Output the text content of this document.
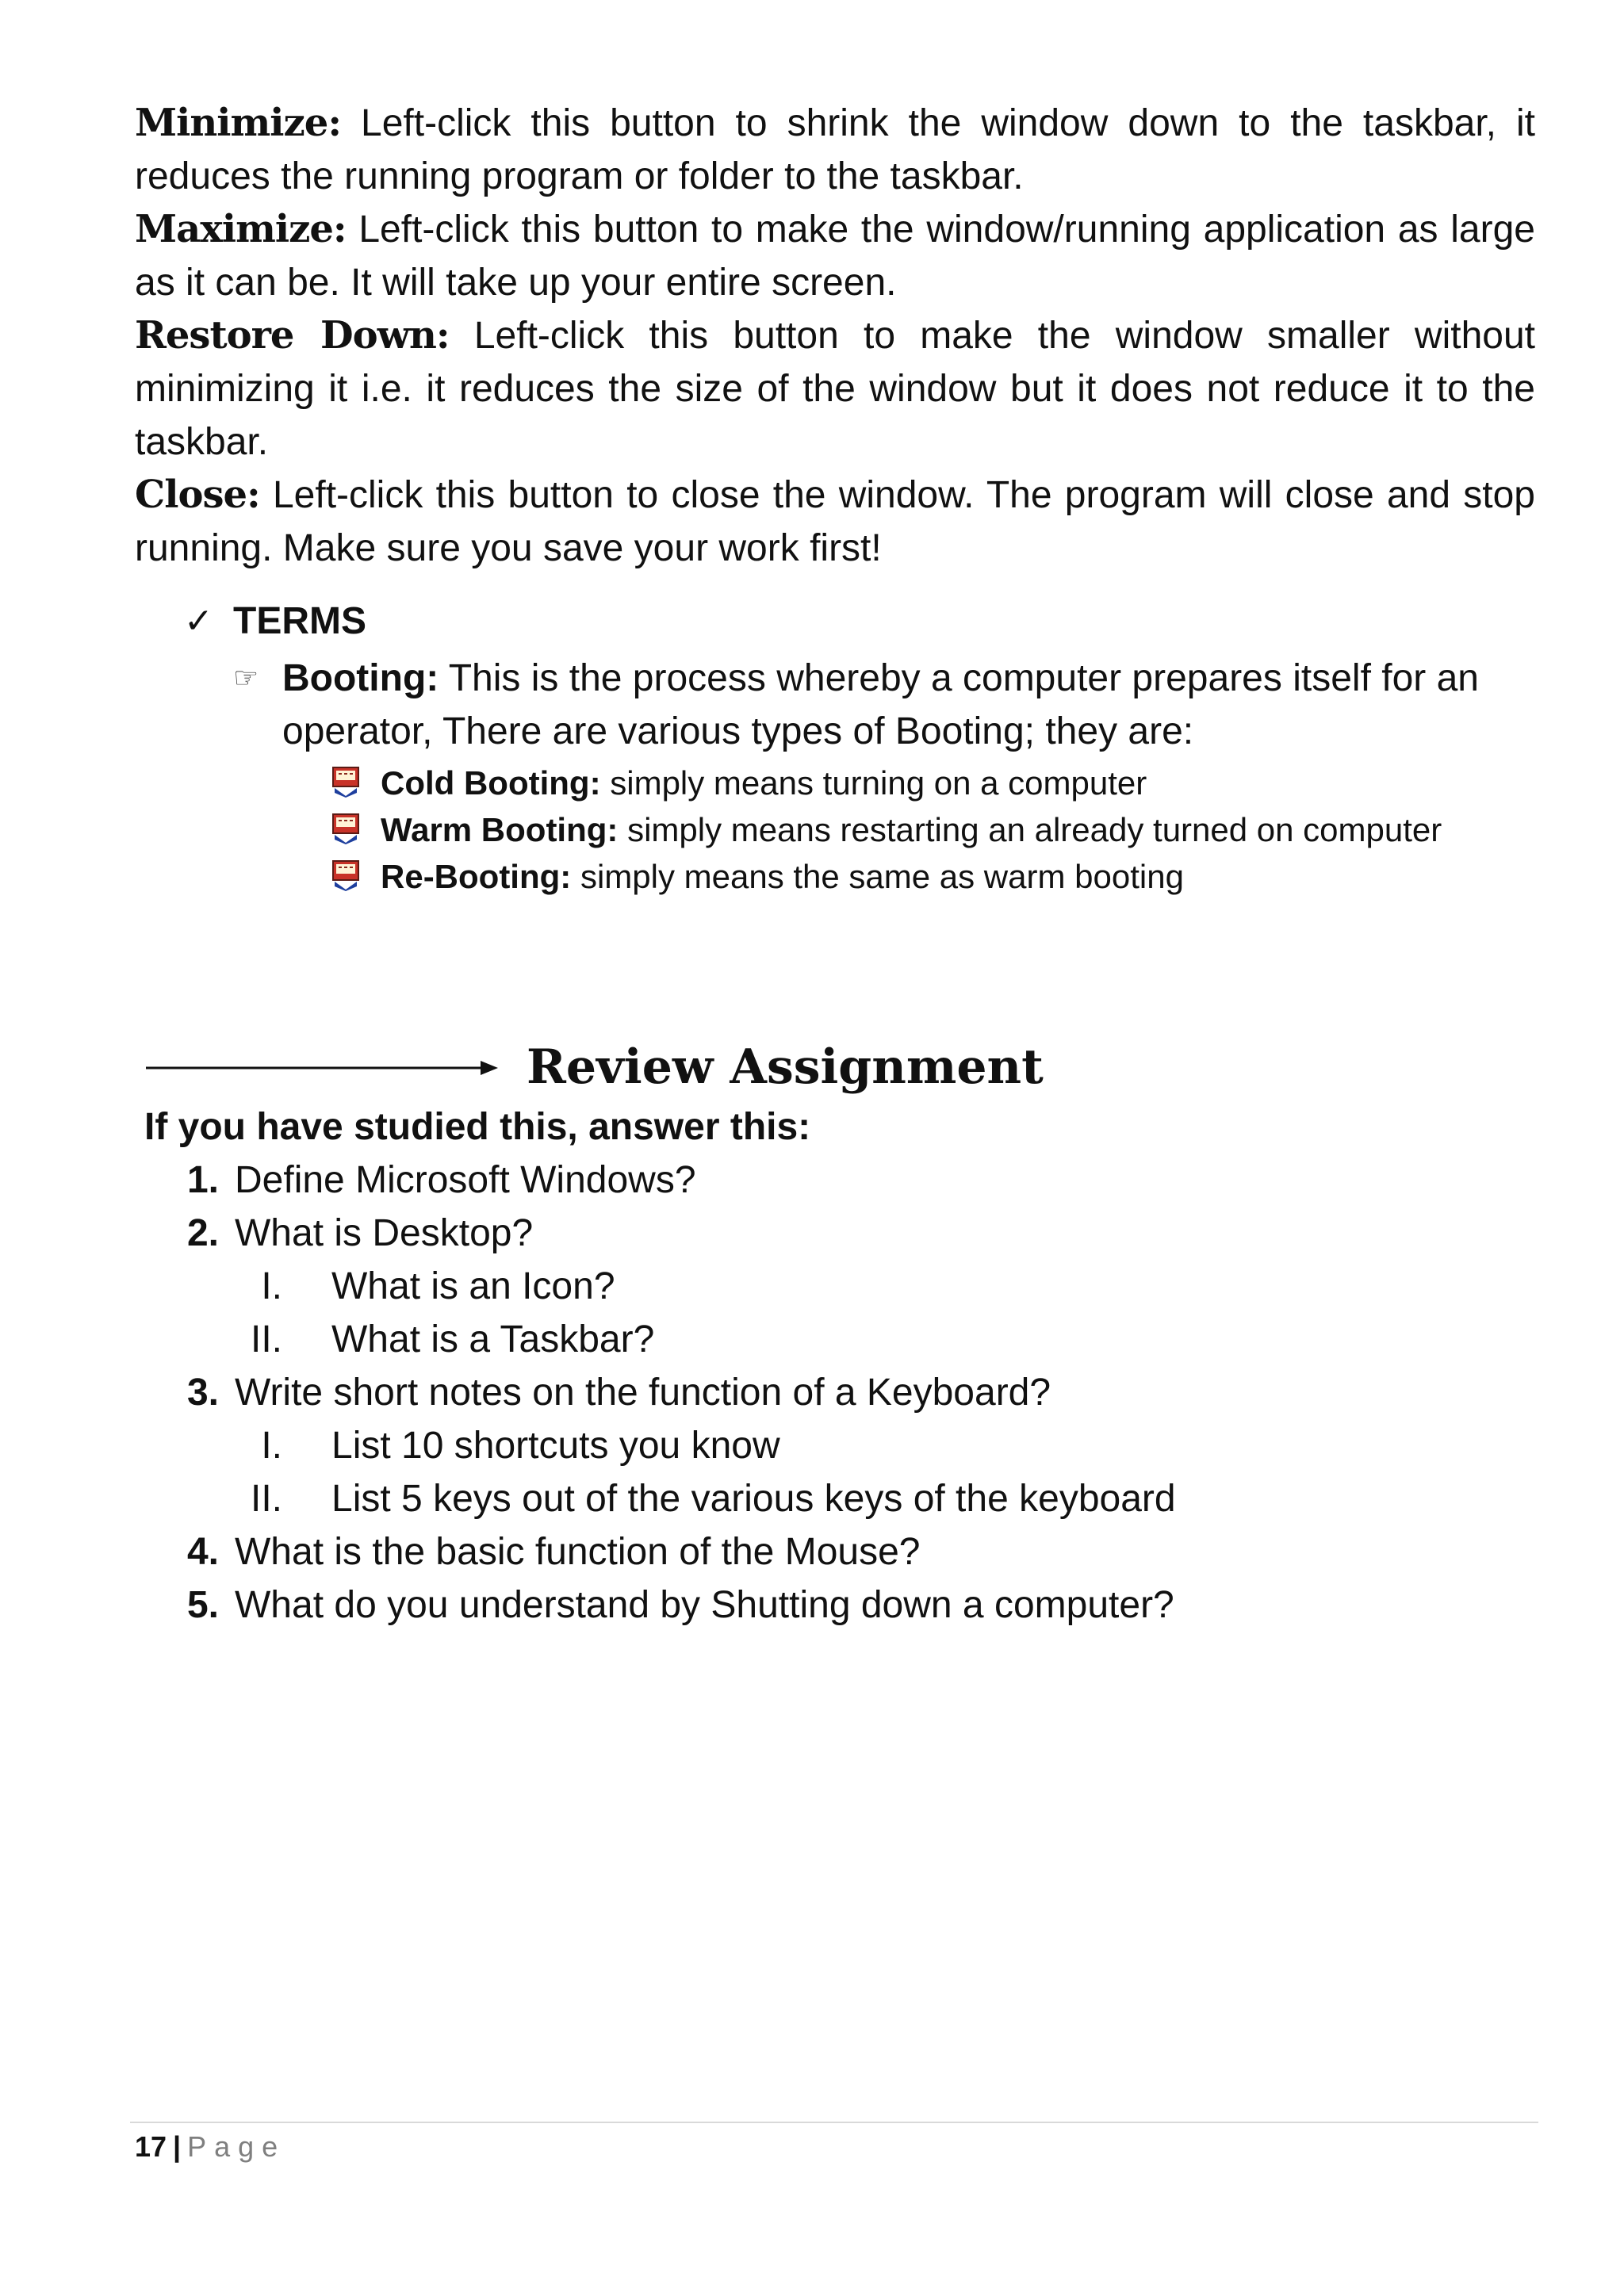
Minimize: Left-click this button to shrink the window down to the taskbar, it reduces the running program or folder to the taskbar.

Maximize: Left-click this button to make the window/running application as large as it can be. It will take up your entire screen.

Restore Down: Left-click this button to make the window smaller without minimizing it i.e. it reduces the size of the window but it does not reduce it to the taskbar.

Close: Left-click this button to close the window. The program will close and stop running. Make sure you save your work first!

✓ TERMS
☞ Booting: This is the process whereby a computer prepares itself for an operator, There are various types of Booting; they are:

Cold Booting: simply means turning on a computer

Warm Booting: simply means restarting an already turned on computer

Re-Booting: simply means the same as warm booting

Review Assignment
If you have studied this, answer this:
1. Define Microsoft Windows?
2. What is Desktop?
I. What is an Icon?
II. What is a Taskbar?
3. Write short notes on the function of a Keyboard?
I. List 10 shortcuts you know
II. List 5 keys out of the various keys of the keyboard
4. What is the basic function of the Mouse?
5. What do you understand by Shutting down a computer?
17 | Page
